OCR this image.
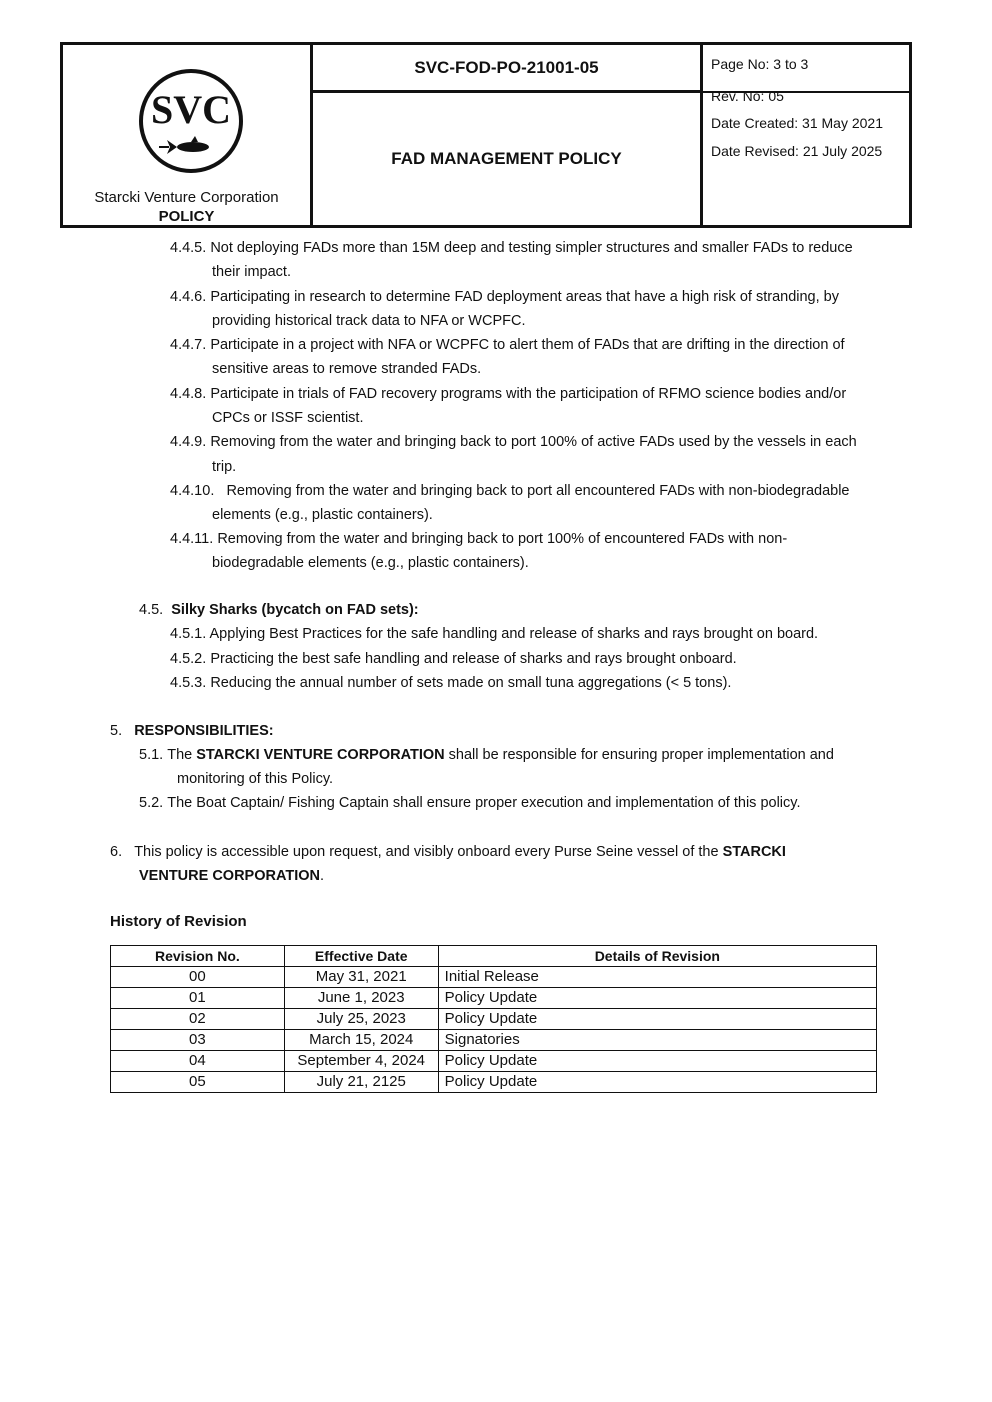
SVC
Starcki Venture Corporation
POLICY
SVC-FOD-PO-21001-05
FAD MANAGEMENT POLICY
Page No: 3 to 3
Rev. No: 05
Date Created: 31 May 2021
Date Revised: 21 July 2025
4.4.5. Not deploying FADs more than 15M deep and testing simpler structures and smaller FADs to reduce
their impact.
4.4.6. Participating in research to determine FAD deployment areas that have a high risk of stranding, by
providing historical track data to NFA or WCPFC.
4.4.7. Participate in a project with NFA or WCPFC to alert them of FADs that are drifting in the direction of
sensitive areas to remove stranded FADs.
4.4.8. Participate in trials of FAD recovery programs with the participation of RFMO science bodies and/or
CPCs or ISSF scientist.
4.4.9. Removing from the water and bringing back to port 100% of active FADs used by the vessels in each
trip.
4.4.10. Removing from the water and bringing back to port all encountered FADs with non-biodegradable
elements (e.g., plastic containers).
4.4.11. Removing from the water and bringing back to port 100% of encountered FADs with non-
biodegradable elements (e.g., plastic containers).
4.5. Silky Sharks (bycatch on FAD sets):
4.5.1. Applying Best Practices for the safe handling and release of sharks and rays brought on board.
4.5.2. Practicing the best safe handling and release of sharks and rays brought onboard.
4.5.3. Reducing the annual number of sets made on small tuna aggregations (< 5 tons).
5. RESPONSIBILITIES:
5.1. The STARCKI VENTURE CORPORATION shall be responsible for ensuring proper implementation and
monitoring of this Policy.
5.2. The Boat Captain/ Fishing Captain shall ensure proper execution and implementation of this policy.
6. This policy is accessible upon request, and visibly onboard every Purse Seine vessel of the STARCKI
VENTURE CORPORATION.
History of Revision
Revision No.	Effective Date	Details of Revision
00	May 31, 2021	Initial Release
01	June 1, 2023	Policy Update
02	July 25, 2023	Policy Update
03	March 15, 2024	Signatories
04	September 4, 2024	Policy Update
05	July 21, 2125	Policy Update
